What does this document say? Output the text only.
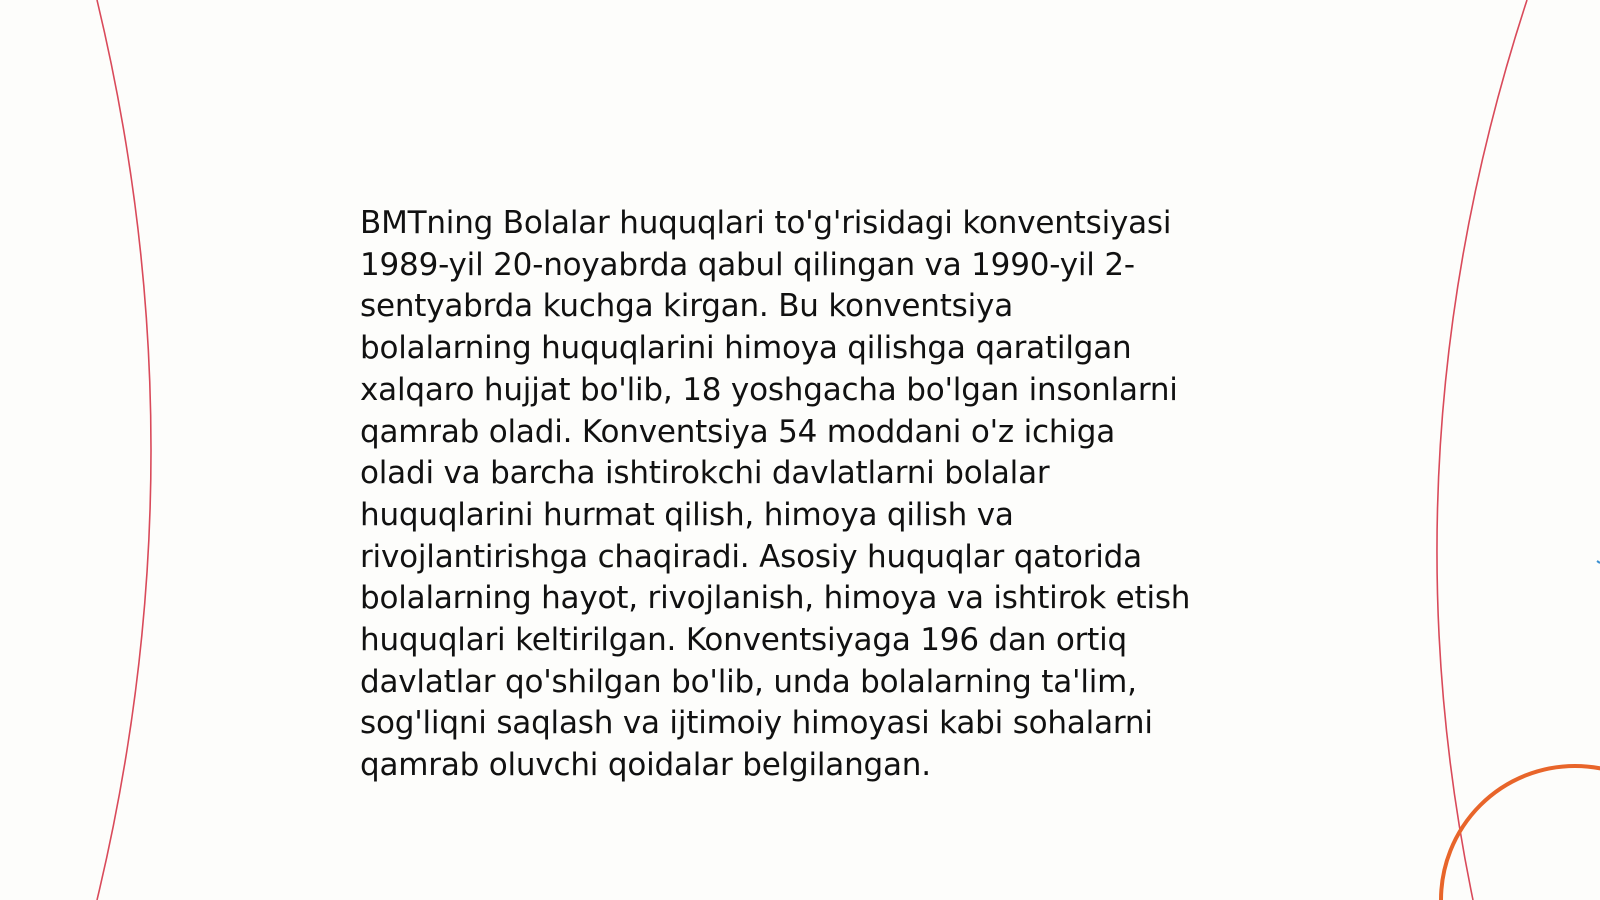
BMTning Bolalar huquqlari to'g'risidagi konventsiyasi
1989-yil 20-noyabrda qabul qilingan va 1990-yil 2-
sentyabrda kuchga kirgan. Bu konventsiya
bolalarning huquqlarini himoya qilishga qaratilgan
xalqaro hujjat bo'lib, 18 yoshgacha bo'lgan insonlarni
qamrab oladi. Konventsiya 54 moddani o'z ichiga
oladi va barcha ishtirokchi davlatlarni bolalar
huquqlarini hurmat qilish, himoya qilish va
rivojlantirishga chaqiradi. Asosiy huquqlar qatorida
bolalarning hayot, rivojlanish, himoya va ishtirok etish
huquqlari keltirilgan. Konventsiyaga 196 dan ortiq
davlatlar qo'shilgan bo'lib, unda bolalarning ta'lim,
sog'liqni saqlash va ijtimoiy himoyasi kabi sohalarni
qamrab oluvchi qoidalar belgilangan.
